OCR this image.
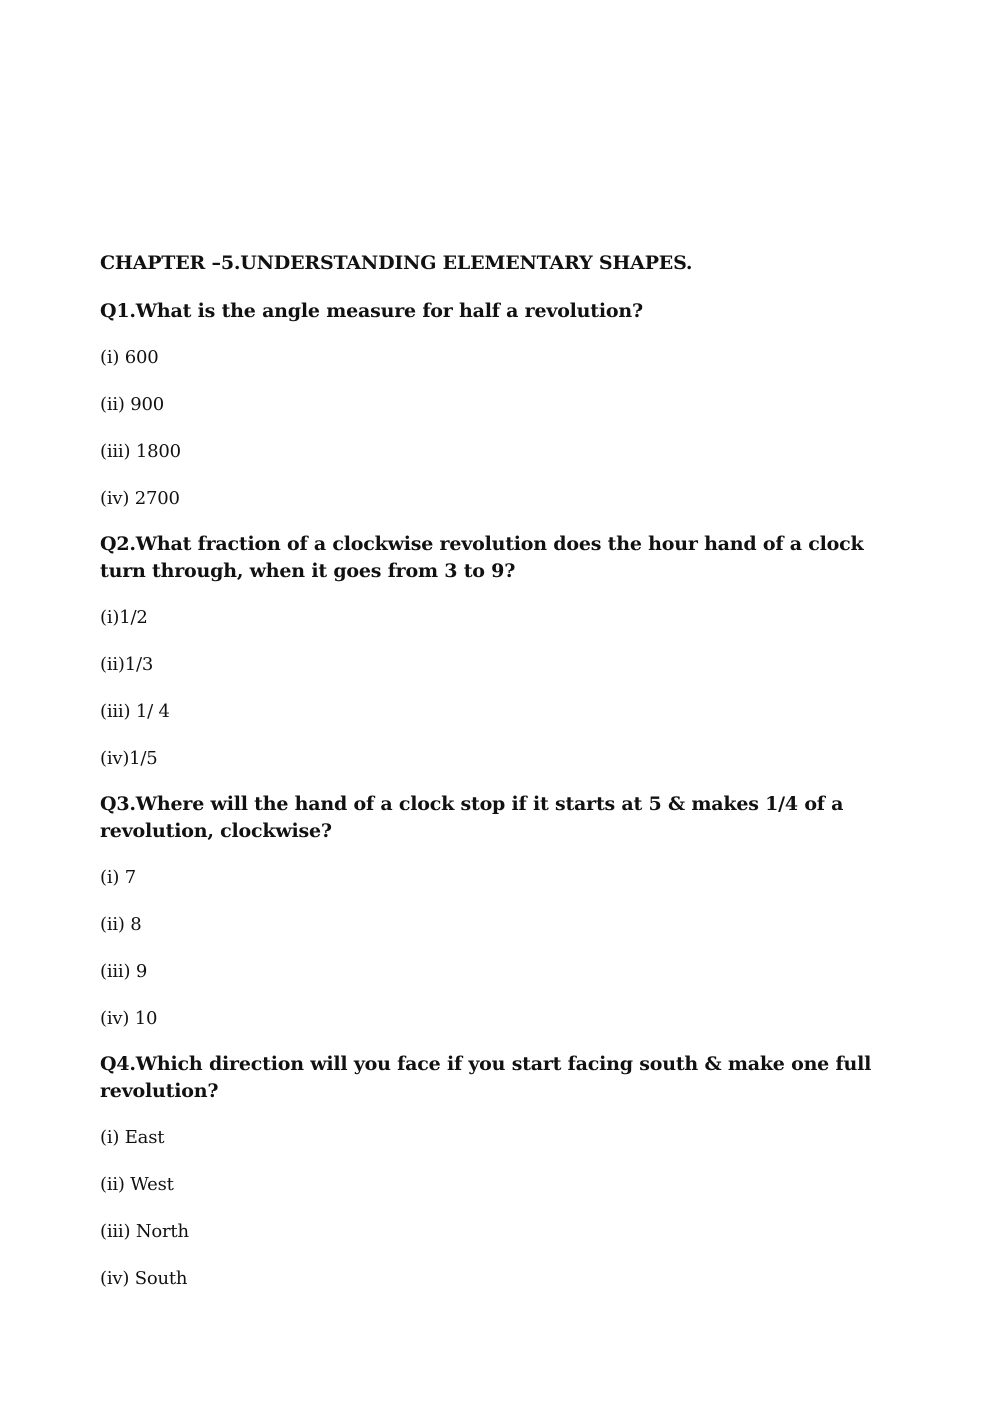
CHAPTER –5.UNDERSTANDING ELEMENTARY SHAPES.
Q1.What is the angle measure for half a revolution?
(i) 600
(ii) 900
(iii) 1800
(iv) 2700
Q2.What fraction of a clockwise revolution does the hour hand of a clock turn through, when it goes from 3 to 9?
(i)1/2
(ii)1/3
(iii) 1/ 4
(iv)1/5
Q3.Where will the hand of a clock stop if it starts at 5 & makes 1/4 of a revolution, clockwise?
(i) 7
(ii) 8
(iii) 9
(iv) 10
Q4.Which direction will you face if you start facing south & make one full revolution?
(i) East
(ii) West
(iii) North
(iv) South
